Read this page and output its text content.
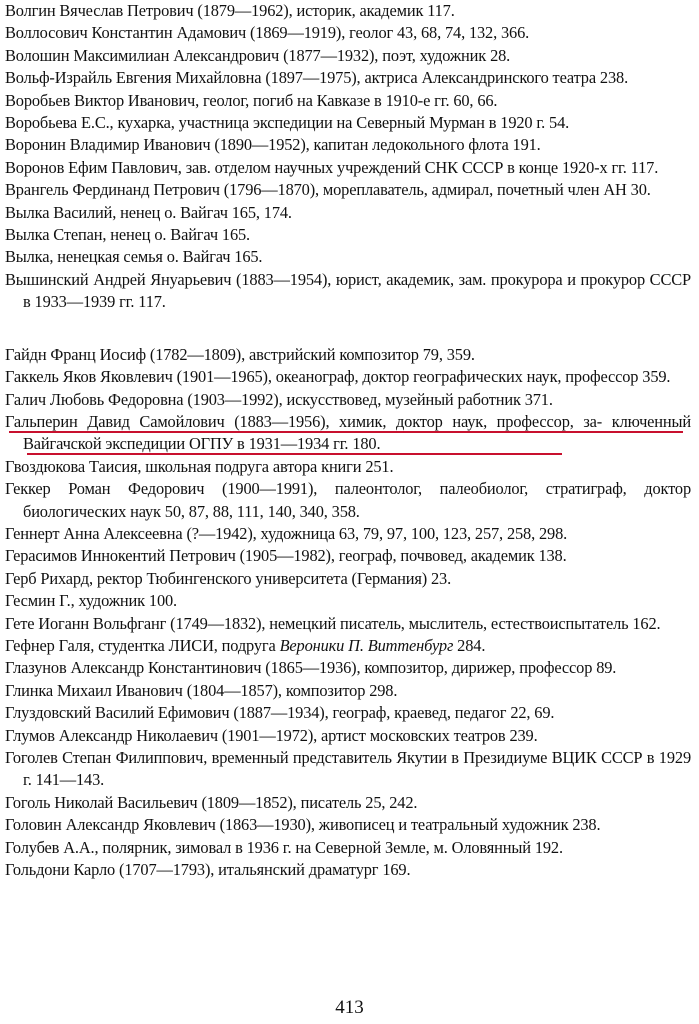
Волгин Вячеслав Петрович (1879—1962), историк, академик 117.
Воллосович Константин Адамович (1869—1919), геолог 43, 68, 74, 132, 366.
Волошин Максимилиан Александрович (1877—1932), поэт, художник 28.
Вольф-Израйль Евгения Михайловна (1897—1975), актриса Александринского театра 238.
Воробьев Виктор Иванович, геолог, погиб на Кавказе в 1910-е гг. 60, 66.
Воробьева Е.С., кухарка, участница экспедиции на Северный Мурман в 1920 г. 54.
Воронин Владимир Иванович (1890—1952), капитан ледокольного флота 191.
Воронов Ефим Павлович, зав. отделом научных учреждений СНК СССР в конце 1920-х гг. 117.
Врангель Фердинанд Петрович (1796—1870), мореплаватель, адмирал, почетный член АН 30.
Вылка Василий, ненец о. Вайгач 165, 174.
Вылка Степан, ненец о. Вайгач 165.
Вылка, ненецкая семья о. Вайгач 165.
Вышинский Андрей Януарьевич (1883—1954), юрист, академик, зам. прокурора и прокурор СССР в 1933—1939 гг. 117.
Гайдн Франц Иосиф (1782—1809), австрийский композитор 79, 359.
Гаккель Яков Яковлевич (1901—1965), океанограф, доктор географических наук, профессор 359.
Галич Любовь Федоровна (1903—1992), искусствовед, музейный работник 371.
Гальперин Давид Самойлович (1883—1956), химик, доктор наук, профессор, за- ключенный Вайгачской экспедиции ОГПУ в 1931—1934 гг. 180.
Гвоздюкова Таисия, школьная подруга автора книги 251.
Геккер Роман Федорович (1900—1991), палеонтолог, палеобиолог, стратиграф, доктор биологических наук 50, 87, 88, 111, 140, 340, 358.
Геннерт Анна Алексеевна (?—1942), художница 63, 79, 97, 100, 123, 257, 258, 298.
Герасимов Иннокентий Петрович (1905—1982), географ, почвовед, академик 138.
Герб Рихард, ректор Тюбингенского университета (Германия) 23.
Гесмин Г., художник 100.
Гете Иоганн Вольфганг (1749—1832), немецкий писатель, мыслитель, естествоиспытатель 162.
Гефнер Галя, студентка ЛИСИ, подруга Вероники П. Виттенбург 284.
Глазунов Александр Константинович (1865—1936), композитор, дирижер, профессор 89.
Глинка Михаил Иванович (1804—1857), композитор 298.
Глуздовский Василий Ефимович (1887—1934), географ, краевед, педагог 22, 69.
Глумов Александр Николаевич (1901—1972), артист московских театров 239.
Гоголев Степан Филиппович, временный представитель Якутии в Президиуме ВЦИК СССР в 1929 г. 141—143.
Гоголь Николай Васильевич (1809—1852), писатель 25, 242.
Головин Александр Яковлевич (1863—1930), живописец и театральный художник 238.
Голубев А.А., полярник, зимовал в 1936 г. на Северной Земле, м. Оловянный 192.
Гольдони Карло (1707—1793), итальянский драматург 169.
413
